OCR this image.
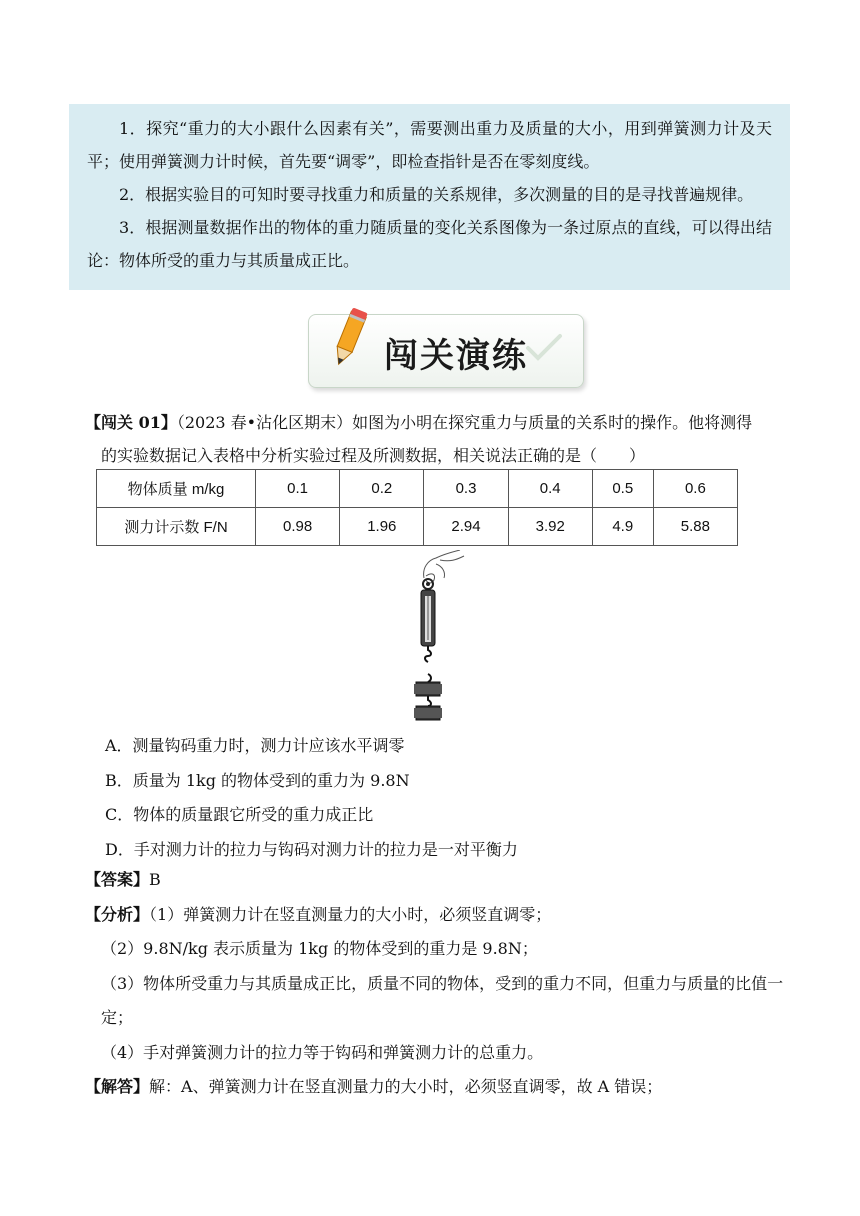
1．探究“重力的大小跟什么因素有关”，需要测出重力及质量的大小，用到弹簧测力计及天平；使用弹簧测力计时候，首先要“调零”，即检查指针是否在零刻度线。

2．根据实验目的可知时要寻找重力和质量的关系规律，多次测量的目的是寻找普遍规律。

3．根据测量数据作出的物体的重力随质量的变化关系图像为一条过原点的直线，可以得出结论：物体所受的重力与其质量成正比。

闯关演练
【闯关 01】（2023 春•沾化区期末）如图为小明在探究重力与质量的关系时的操作。他将测得
的实验数据记入表格中分析实验过程及所测数据，相关说法正确的是（　　）
物体质量 m/kg	0.1	0.2	0.3	0.4	0.5	0.6
测力计示数 F/N	0.98	1.96	2.94	3.92	4.9	5.88
A．测量钩码重力时，测力计应该水平调零
B．质量为 1kg 的物体受到的重力为 9.8N
C．物体的质量跟它所受的重力成正比
D．手对测力计的拉力与钩码对测力计的拉力是一对平衡力
【答案】B
【分析】（1）弹簧测力计在竖直测量力的大小时，必须竖直调零；
（2）9.8N/kg 表示质量为 1kg 的物体受到的重力是 9.8N；
（3）物体所受重力与其质量成正比，质量不同的物体，受到的重力不同，但重力与质量的比值一定；
（4）手对弹簧测力计的拉力等于钩码和弹簧测力计的总重力。
【解答】解：A、弹簧测力计在竖直测量力的大小时，必须竖直调零，故 A 错误；
